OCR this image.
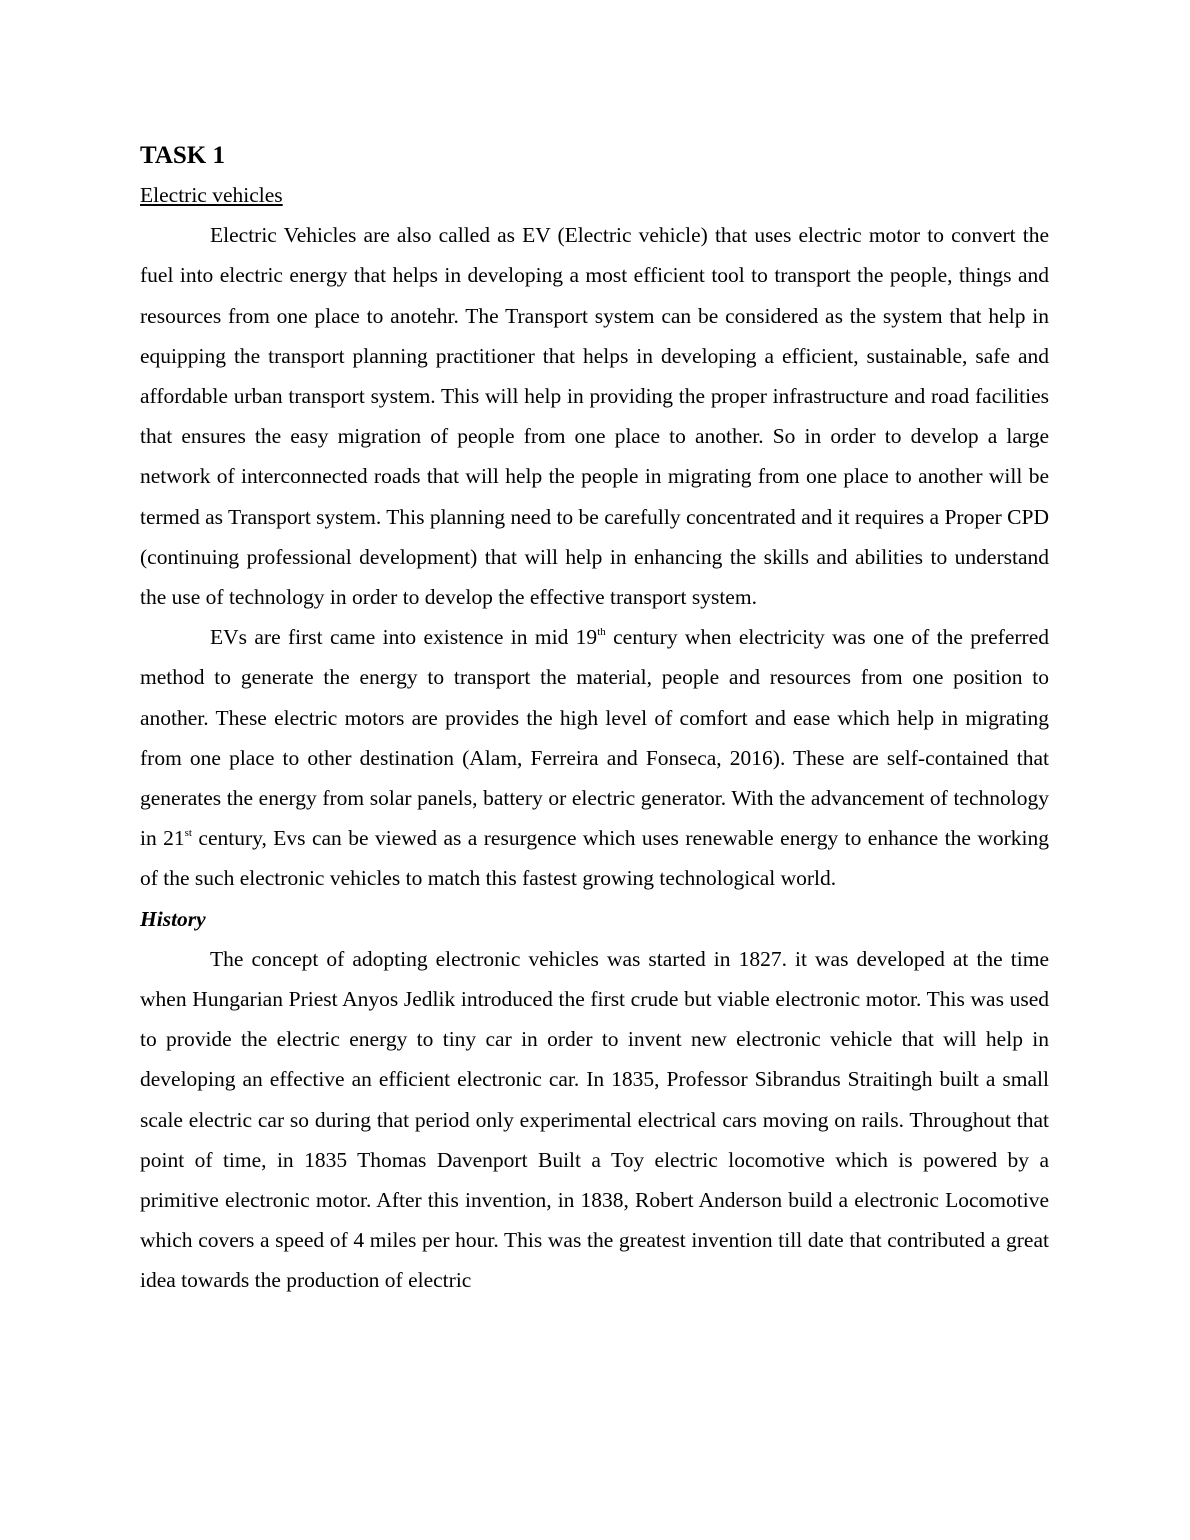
TASK 1

Electric vehicles

Electric Vehicles are also called as EV (Electric vehicle) that uses electric motor to convert the fuel into electric energy that helps in developing a most efficient tool to transport the people, things and resources from one place to anotehr. The Transport system can be considered as the system that help in equipping the transport planning practitioner that helps in developing a efficient, sustainable, safe and affordable urban transport system. This will help in providing the proper infrastructure and road facilities that ensures the easy migration of people from one place to another. So in order to develop a large network of interconnected roads that will help the people in migrating from one place to another will be termed as Transport system. This planning need to be carefully concentrated and it requires a Proper CPD (continuing professional development) that will help in enhancing the skills and abilities to understand the use of technology in order to develop the effective transport system.

EVs are first came into existence in mid 19th century when electricity was one of the preferred method to generate the energy to transport the material, people and resources from one position to another. These electric motors are provides the high level of comfort and ease which help in migrating from one place to other destination (Alam, Ferreira and Fonseca, 2016). These are self-contained that generates the energy from solar panels, battery or electric generator. With the advancement of technology in 21st century, Evs can be viewed as a resurgence which uses renewable energy to enhance the working of the such electronic vehicles to match this fastest growing technological world.

History

The concept of adopting electronic vehicles was started in 1827. it was developed at the time when Hungarian Priest Anyos Jedlik introduced the first crude but viable electronic motor. This was used to provide the electric energy to tiny car in order to invent new electronic vehicle that will help in developing an effective an efficient electronic car. In 1835, Professor Sibrandus Straitingh built a small scale electric car so during that period only experimental electrical cars moving on rails. Throughout that point of time, in 1835 Thomas Davenport Built a Toy electric locomotive which is powered by a primitive electronic motor. After this invention, in 1838, Robert Anderson build a electronic Locomotive which covers a speed of 4 miles per hour. This was the greatest invention till date that contributed a great idea towards the production of electric
